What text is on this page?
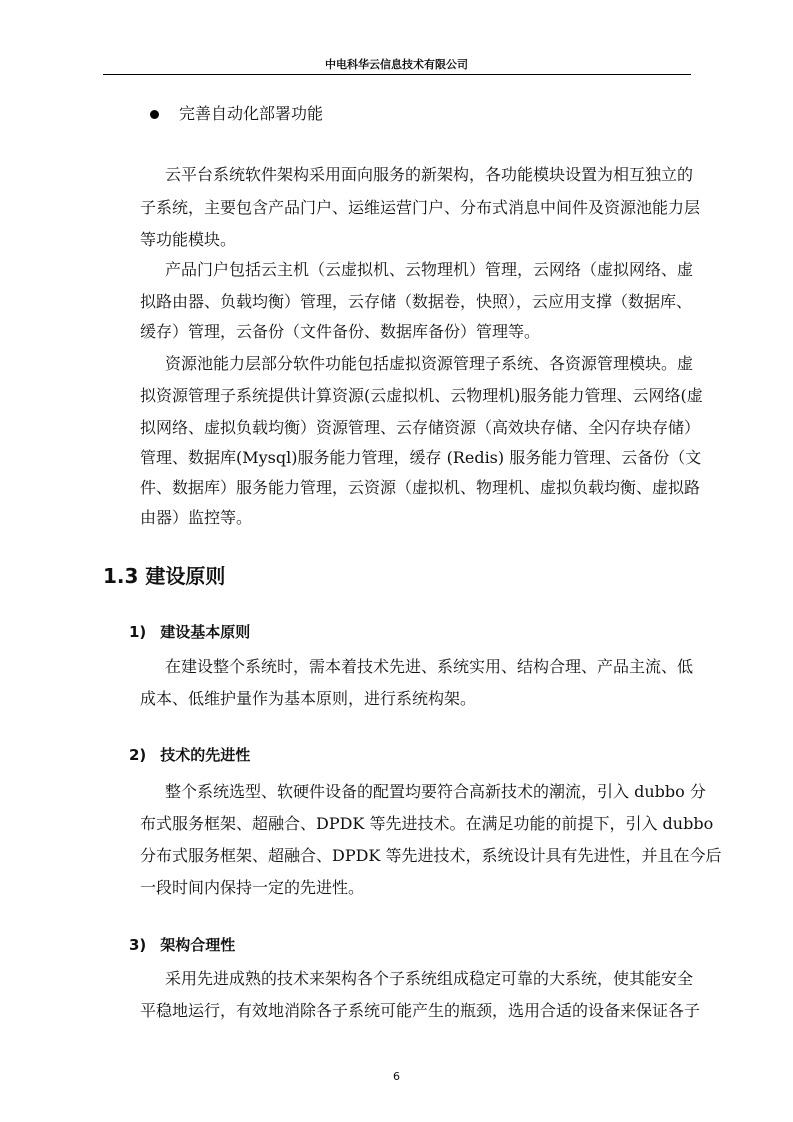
中电科华云信息技术有限公司
完善自动化部署功能
云平台系统软件架构采用面向服务的新架构，各功能模块设置为相互独立的
子系统，主要包含产品门户、运维运营门户、分布式消息中间件及资源池能力层
等功能模块。
产品门户包括云主机（云虚拟机、云物理机）管理，云网络（虚拟网络、虚
拟路由器、负载均衡）管理，云存储（数据卷，快照），云应用支撑（数据库、
缓存）管理，云备份（文件备份、数据库备份）管理等。
资源池能力层部分软件功能包括虚拟资源管理子系统、各资源管理模块。虚
拟资源管理子系统提供计算资源(云虚拟机、云物理机)服务能力管理、云网络(虚
拟网络、虚拟负载均衡）资源管理、云存储资源（高效块存储、全闪存块存储）
管理、数据库(Mysql)服务能力管理，缓存 (Redis) 服务能力管理、云备份（文
件、数据库）服务能力管理，云资源（虚拟机、物理机、虚拟负载均衡、虚拟路
由器）监控等。
1.3 建设原则
1) 建设基本原则
在建设整个系统时，需本着技术先进、系统实用、结构合理、产品主流、低
成本、低维护量作为基本原则，进行系统构架。
2) 技术的先进性
整个系统选型、软硬件设备的配置均要符合高新技术的潮流，引入 dubbo 分
布式服务框架、超融合、DPDK 等先进技术。在满足功能的前提下，引入 dubbo
分布式服务框架、超融合、DPDK 等先进技术，系统设计具有先进性，并且在今后
一段时间内保持一定的先进性。
3) 架构合理性
采用先进成熟的技术来架构各个子系统组成稳定可靠的大系统，使其能安全
平稳地运行，有效地消除各子系统可能产生的瓶颈，选用合适的设备来保证各子
6
